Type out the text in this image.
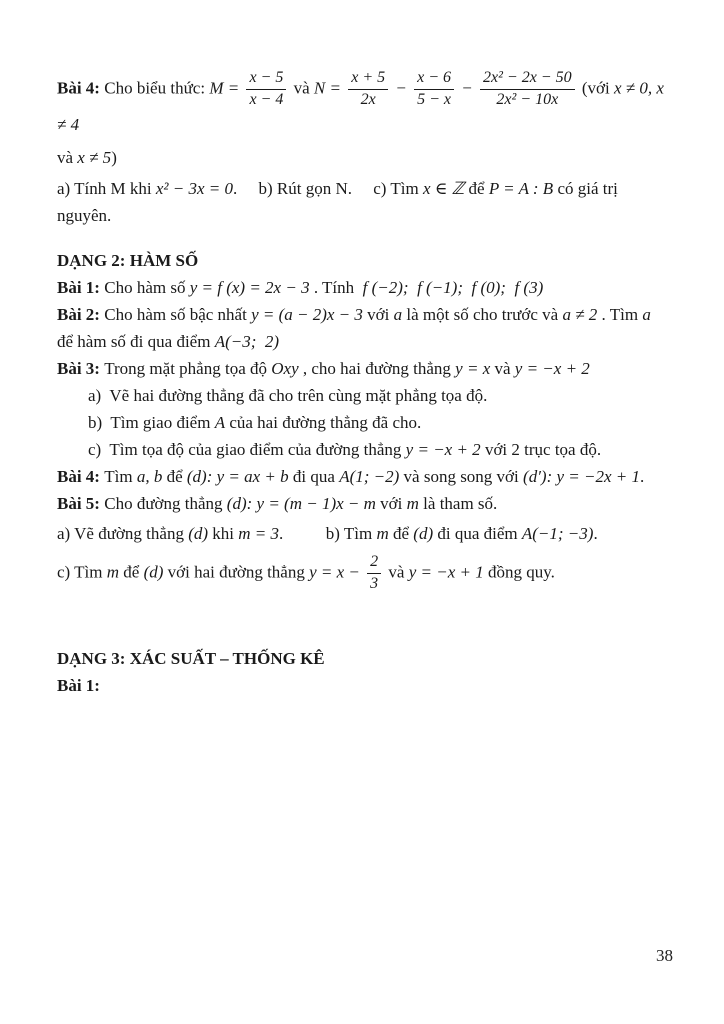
Bài 4: Cho biểu thức: $M = \frac{x - 5}{x - 4}$ và $N = \frac{x + 5}{2x} - \frac{x - 6}{5 - x} - \frac{\text{2x² − 2x − 50}}{\text{2x² − 10x}}$ (với x ≠ 0, x ≠ 4
và x ≠ 5)
a) Tính M khi x² − 3x = 0.     b) Rút gọn N.     c) Tìm x ∈ ℤ để P = A : B có giá trị
nguyên.
DẠNG 2: HÀM SỐ
Bài 1: Cho hàm số y = f (x) = 2x − 3 . Tính  f (−2);  f (−1);  f (0);  f (3)
Bài 2: Cho hàm số bậc nhất y = (a − 2)x − 3 với a là một số cho trước và a ≠ 2 . Tìm a
để hàm số đi qua điểm A(−3;  2)
Bài 3: Trong mặt phẳng tọa độ Oxy , cho hai đường thẳng y = x và y = −x + 2
a)  Vẽ hai đường thẳng đã cho trên cùng mặt phẳng tọa độ.
b)  Tìm giao điểm A của hai đường thẳng đã cho.
c)  Tìm tọa độ của giao điểm của đường thẳng y = −x + 2 với 2 trục tọa độ.
Bài 4: Tìm a, b để (d): y = ax + b đi qua A(1; −2) và song song với (d′): y = −2x + 1.
Bài 5: Cho đường thẳng (d): y = (m − 1)x − m với m là tham số.
a) Vẽ đường thẳng (d) khi m = 3.          b) Tìm m để (d) đi qua điểm A(−1; −3).
c) Tìm m để (d) với hai đường thẳng $y = x - \frac{2}{3}$ và y = −x + 1 đồng quy.
DẠNG 3: XÁC SUẤT – THỐNG KÊ
Bài 1:
38
